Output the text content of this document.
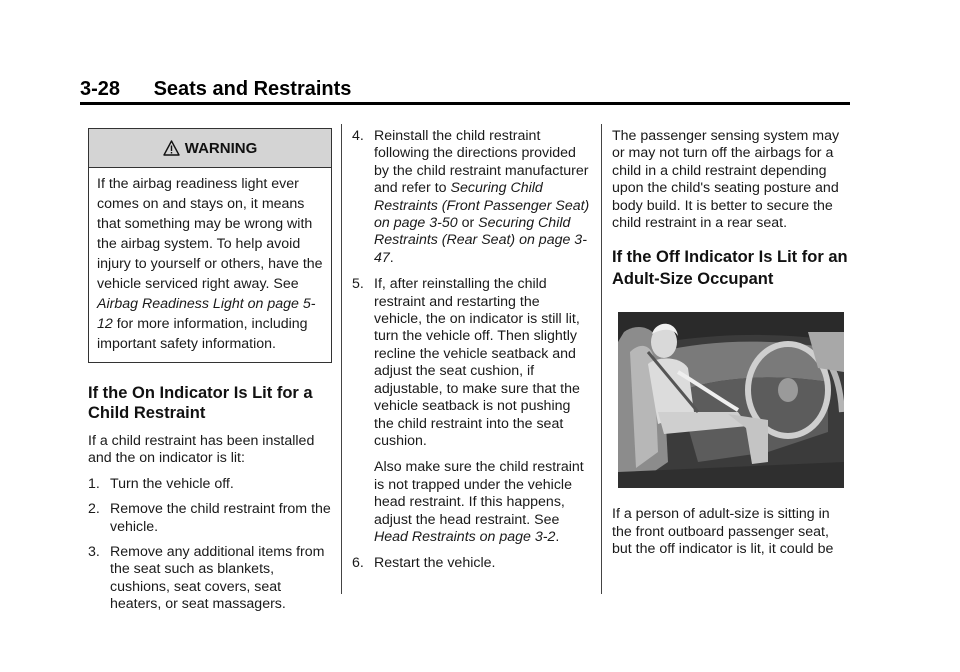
3-28 Seats and Restraints
WARNING
If the airbag readiness light ever comes on and stays on, it means that something may be wrong with the airbag system. To help avoid injury to yourself or others, have the vehicle serviced right away. See Airbag Readiness Light on page 5-12 for more information, including important safety information.
If the On Indicator Is Lit for a Child Restraint

If a child restraint has been installed and the on indicator is lit:

1. Turn the vehicle off.
2. Remove the child restraint from the vehicle.
3. Remove any additional items from the seat such as blankets, cushions, seat covers, seat heaters, or seat massagers.
4. Reinstall the child restraint following the directions provided by the child restraint manufacturer and refer to Securing Child Restraints (Front Passenger Seat) on page 3-50 or Securing Child Restraints (Rear Seat) on page 3-47.
5. If, after reinstalling the child restraint and restarting the vehicle, the on indicator is still lit, turn the vehicle off. Then slightly recline the vehicle seatback and adjust the seat cushion, if adjustable, to make sure that the vehicle seatback is not pushing the child restraint into the seat cushion.
Also make sure the child restraint is not trapped under the vehicle head restraint. If this happens, adjust the head restraint. See Head Restraints on page 3-2.
6. Restart the vehicle.

The passenger sensing system may or may not turn off the airbags for a child in a child restraint depending upon the child's seating posture and body build. It is better to secure the child restraint in a rear seat.

If the Off Indicator Is Lit for an Adult-Size Occupant

If a person of adult-size is sitting in the front outboard passenger seat, but the off indicator is lit, it could be
